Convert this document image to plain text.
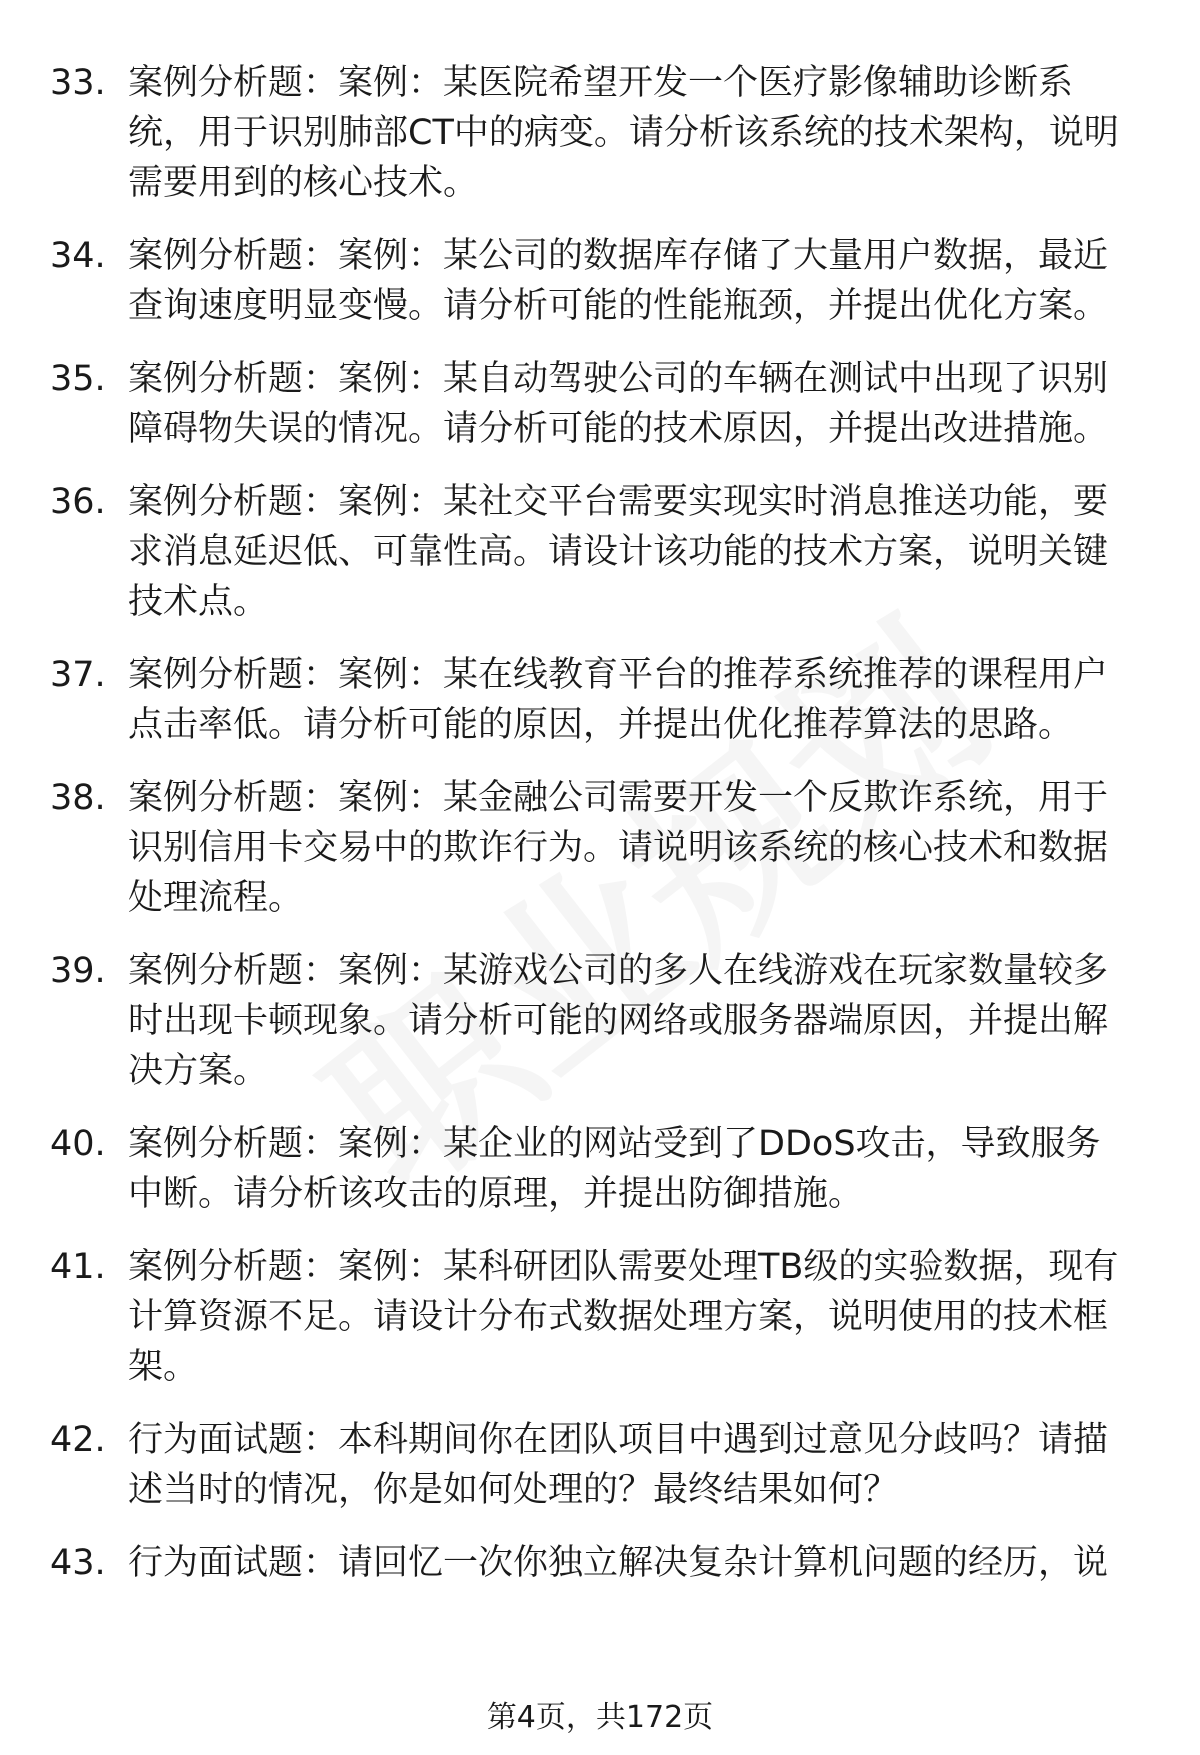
33. 案例分析题：案例：某医院希望开发一个医疗影像辅助诊断系
统，用于识别肺部CT中的病变。请分析该系统的技术架构，说明
需要用到的核心技术。
34. 案例分析题：案例：某公司的数据库存储了大量用户数据，最近
查询速度明显变慢。请分析可能的性能瓶颈，并提出优化方案。
35. 案例分析题：案例：某自动驾驶公司的车辆在测试中出现了识别
障碍物失误的情况。请分析可能的技术原因，并提出改进措施。
36. 案例分析题：案例：某社交平台需要实现实时消息推送功能，要
求消息延迟低、可靠性高。请设计该功能的技术方案，说明关键
技术点。
37. 案例分析题：案例：某在线教育平台的推荐系统推荐的课程用户
点击率低。请分析可能的原因，并提出优化推荐算法的思路。
38. 案例分析题：案例：某金融公司需要开发一个反欺诈系统，用于
识别信用卡交易中的欺诈行为。请说明该系统的核心技术和数据
处理流程。
39. 案例分析题：案例：某游戏公司的多人在线游戏在玩家数量较多
时出现卡顿现象。请分析可能的网络或服务器端原因，并提出解
决方案。
40. 案例分析题：案例：某企业的网站受到了DDoS攻击，导致服务
中断。请分析该攻击的原理，并提出防御措施。
41. 案例分析题：案例：某科研团队需要处理TB级的实验数据，现有
计算资源不足。请设计分布式数据处理方案，说明使用的技术框
架。
42. 行为面试题：本科期间你在团队项目中遇到过意见分歧吗？请描
述当时的情况，你是如何处理的？最终结果如何？
43. 行为面试题：请回忆一次你独立解决复杂计算机问题的经历，说
第4页，共172页
